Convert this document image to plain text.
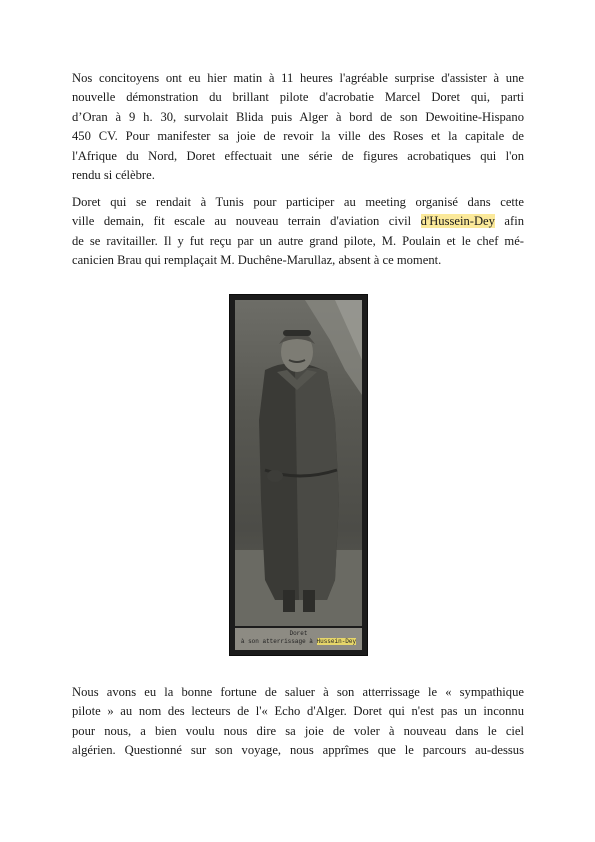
Nos concitoyens ont eu hier matin à 11 heures l'agréable surprise d'assister à une
nouvelle démonstration du brillant pilote d'acrobatie Marcel Doret qui, parti
d’Oran à 9 h. 30, survolait Blida puis Alger à bord de son Dewoitine-Hispano
450 CV. Pour manifester sa joie de revoir la ville des Roses et la capitale de
l'Afrique du Nord, Doret effectuait une série de figures acrobatiques qui l'on
rendu si célèbre.

Doret qui se rendait à Tunis pour participer au meeting organisé dans cette
ville demain, fit escale au nouveau terrain d'aviation civil d'Hussein-Dey afin
de se ravitailler. Il y fut reçu par un autre grand pilote, M. Poulain et le chef mé-
canicien Brau qui remplaçait M. Duchêne-Marullaz, absent à ce moment.

Doret
à son atterrissage à Hussein-Dey

Nous avons eu la bonne fortune de saluer à son atterrissage le « sympathique
pilote » au nom des lecteurs de l'« Echo d'Alger. Doret qui n'est pas un inconnu
pour nous, a bien voulu nous dire sa joie de voler à nouveau dans le ciel
algérien. Questionné sur son voyage, nous apprîmes que le parcours au-dessus
